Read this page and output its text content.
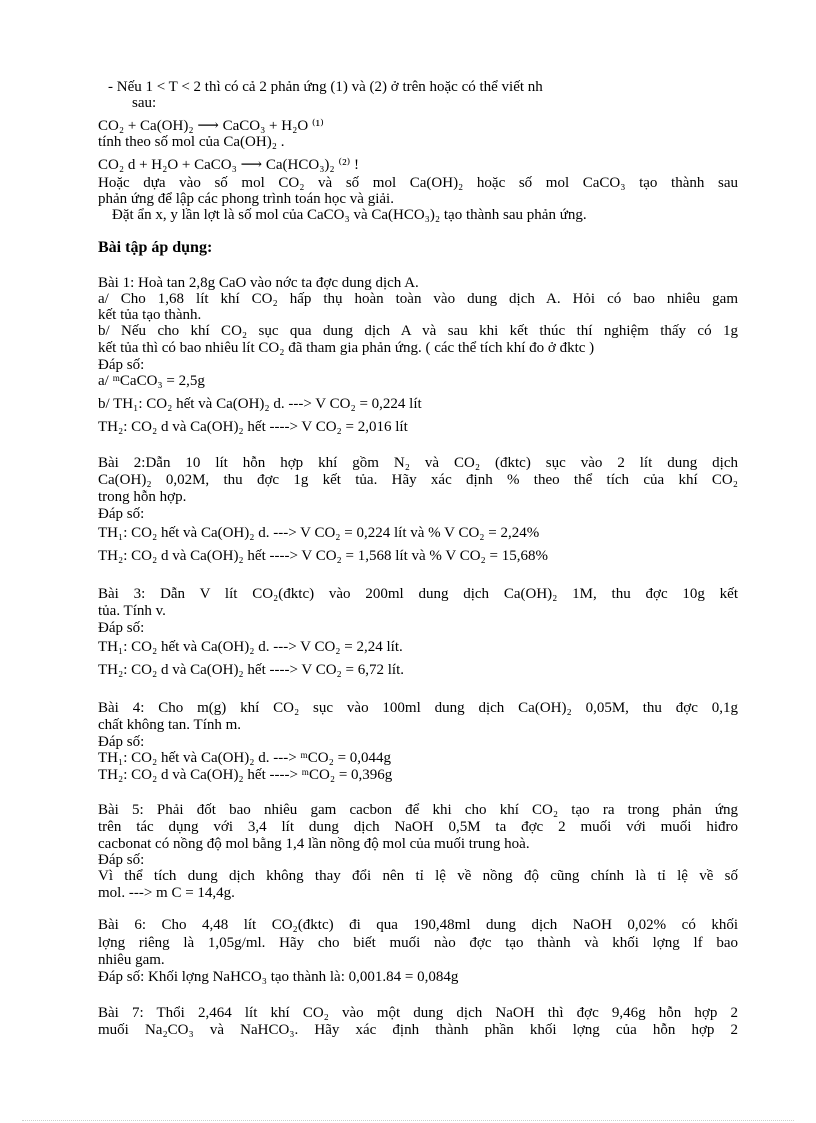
- Nếu 1 < T < 2 thì có cả 2 phản ứng (1) và (2) ở trên hoặc có thể viết nh
sau:
CO₂ + Ca(OH)₂ ⟶ CaCO₃ + H₂O ⁽¹⁾
tính theo số mol của Ca(OH)₂ .
CO₂ d + H₂O + CaCO₃ ⟶ Ca(HCO₃)₂ ⁽²⁾ !
Hoặc dựa vào số mol CO₂ và số mol Ca(OH)₂ hoặc số mol CaCO₃ tạo thành sau
phản ứng để lập các phong trình toán học và giải.
Đặt ẩn x, y lần lợt là số mol của CaCO₃ và Ca(HCO₃)₂ tạo thành sau phản ứng.
Bài tập áp dụng:
Bài 1: Hoà tan 2,8g CaO vào nớc ta đợc dung dịch A.
a/ Cho 1,68 lít khí CO₂ hấp thụ hoàn toàn vào dung dịch A. Hỏi có bao nhiêu gam
kết tủa tạo thành.
b/ Nếu cho khí CO₂ sục qua dung dịch A và sau khi kết thúc thí nghiệm thấy có 1g
kết tủa thì có bao nhiêu lít CO₂ đã tham gia phản ứng. ( các thể tích khí đo ở đktc )
Đáp số:
a/ ᵐCaCO₃ = 2,5g
b/ TH₁: CO₂ hết và Ca(OH)₂ d. ---> V CO₂ = 0,224 lít
TH₂: CO₂ d và Ca(OH)₂ hết ----> V CO₂ = 2,016 lít
Bài 2:Dẫn 10 lít hỗn hợp khí gồm N₂ và CO₂ (đktc) sục vào 2 lít dung dịch
Ca(OH)₂ 0,02M, thu đợc 1g kết tủa. Hãy xác định % theo thể tích của khí CO₂
trong hỗn hợp.
Đáp số:
TH₁: CO₂ hết và Ca(OH)₂ d. ---> V CO₂ = 0,224 lít và % V CO₂ = 2,24%
TH₂: CO₂ d và Ca(OH)₂ hết ----> V CO₂ = 1,568 lít và % V CO₂ = 15,68%
Bài 3: Dẫn V lít CO₂(đktc) vào 200ml dung dịch Ca(OH)₂ 1M, thu đợc 10g kết
tủa. Tính v.
Đáp số:
TH₁: CO₂ hết và Ca(OH)₂ d. ---> V CO₂ = 2,24 lít.
TH₂: CO₂ d và Ca(OH)₂ hết ----> V CO₂ = 6,72 lít.
Bài 4: Cho m(g) khí CO₂ sục vào 100ml dung dịch Ca(OH)₂ 0,05M, thu đợc 0,1g
chất không tan. Tính m.
Đáp số:
TH₁: CO₂ hết và Ca(OH)₂ d. ---> ᵐCO₂ = 0,044g
TH₂: CO₂ d và Ca(OH)₂ hết ----> ᵐCO₂ = 0,396g
Bài 5: Phải đốt bao nhiêu gam cacbon để khi cho khí CO₂ tạo ra trong phản ứng
trên tác dụng với 3,4 lít dung dịch NaOH 0,5M ta đợc 2 muối với muối hiđro
cacbonat có nồng độ mol bằng 1,4 lần nồng độ mol của muối trung hoà.
Đáp số:
Vì thể tích dung dịch không thay đổi nên tỉ lệ về nồng độ cũng chính là tỉ lệ về số
mol. ---> m C = 14,4g.
Bài 6: Cho 4,48 lít CO₂(đktc) đi qua 190,48ml dung dịch NaOH 0,02% có khối
lợng riêng là 1,05g/ml. Hãy cho biết muối nào đợc tạo thành và khối lợng lf bao
nhiêu gam.
Đáp số: Khối lợng NaHCO₃ tạo thành là: 0,001.84 = 0,084g
Bài 7: Thổi 2,464 lít khí CO₂ vào một dung dịch NaOH thì đợc 9,46g hỗn hợp 2
muối Na₂CO₃ và NaHCO₃. Hãy xác định thành phần khối lợng của hỗn hợp 2
